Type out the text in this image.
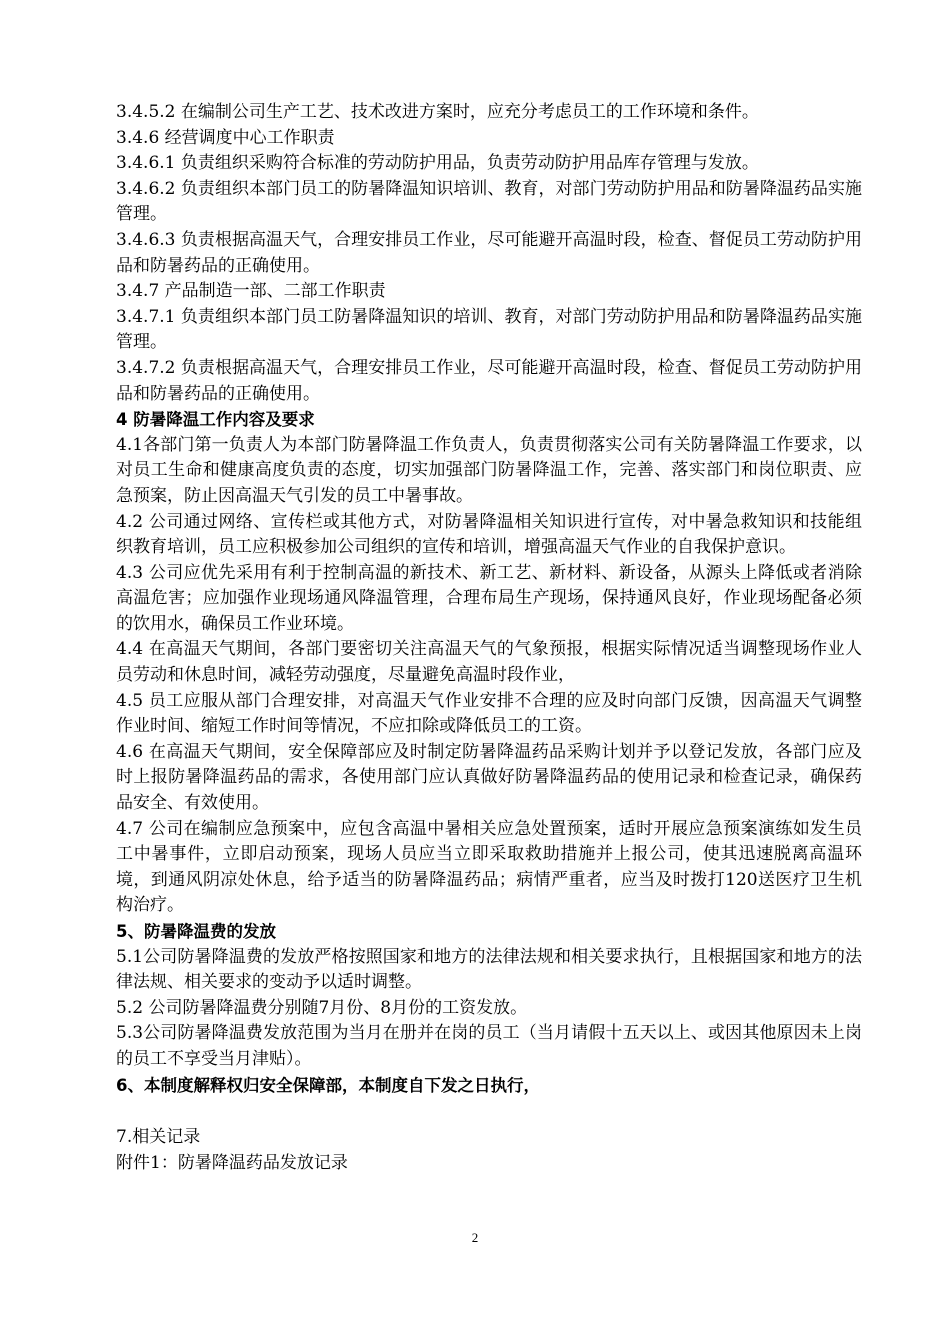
3.4.5.2 在编制公司生产工艺、技术改进方案时，应充分考虑员工的工作环境和条件。

3.4.6 经营调度中心工作职责

3.4.6.1 负责组织采购符合标准的劳动防护用品，负责劳动防护用品库存管理与发放。

3.4.6.2 负责组织本部门员工的防暑降温知识培训、教育，对部门劳动防护用品和防暑降温药品实施管理。

3.4.6.3 负责根据高温天气，合理安排员工作业，尽可能避开高温时段，检查、督促员工劳动防护用品和防暑药品的正确使用。

3.4.7 产品制造一部、二部工作职责

3.4.7.1 负责组织本部门员工防暑降温知识的培训、教育，对部门劳动防护用品和防暑降温药品实施管理。

3.4.7.2 负责根据高温天气，合理安排员工作业，尽可能避开高温时段，检查、督促员工劳动防护用品和防暑药品的正确使用。

4 防暑降温工作内容及要求

4.1各部门第一负责人为本部门防暑降温工作负责人，负责贯彻落实公司有关防暑降温工作要求，以对员工生命和健康高度负责的态度，切实加强部门防暑降温工作，完善、落实部门和岗位职责、应急预案，防止因高温天气引发的员工中暑事故。

4.2 公司通过网络、宣传栏或其他方式，对防暑降温相关知识进行宣传，对中暑急救知识和技能组织教育培训，员工应积极参加公司组织的宣传和培训，增强高温天气作业的自我保护意识。

4.3 公司应优先采用有利于控制高温的新技术、新工艺、新材料、新设备，从源头上降低或者消除高温危害；应加强作业现场通风降温管理，合理布局生产现场，保持通风良好，作业现场配备必须的饮用水，确保员工作业环境。

4.4 在高温天气期间，各部门要密切关注高温天气的气象预报，根据实际情况适当调整现场作业人员劳动和休息时间，减轻劳动强度，尽量避免高温时段作业，

4.5 员工应服从部门合理安排，对高温天气作业安排不合理的应及时向部门反馈，因高温天气调整作业时间、缩短工作时间等情况，不应扣除或降低员工的工资。

4.6 在高温天气期间，安全保障部应及时制定防暑降温药品采购计划并予以登记发放，各部门应及时上报防暑降温药品的需求，各使用部门应认真做好防暑降温药品的使用记录和检查记录，确保药品安全、有效使用。

4.7 公司在编制应急预案中，应包含高温中暑相关应急处置预案，适时开展应急预案演练如发生员工中暑事件，立即启动预案，现场人员应当立即采取救助措施并上报公司，使其迅速脱离高温环境，到通风阴凉处休息，给予适当的防暑降温药品；病情严重者，应当及时拨打120送医疗卫生机构治疗。

5、防暑降温费的发放

5.1公司防暑降温费的发放严格按照国家和地方的法律法规和相关要求执行，且根据国家和地方的法律法规、相关要求的变动予以适时调整。

5.2 公司防暑降温费分别随7月份、8月份的工资发放。

5.3公司防暑降温费发放范围为当月在册并在岗的员工（当月请假十五天以上、或因其他原因未上岗的员工不享受当月津贴）。

6、本制度解释权归安全保障部，本制度自下发之日执行，

7.相关记录

附件1：防暑降温药品发放记录

2
